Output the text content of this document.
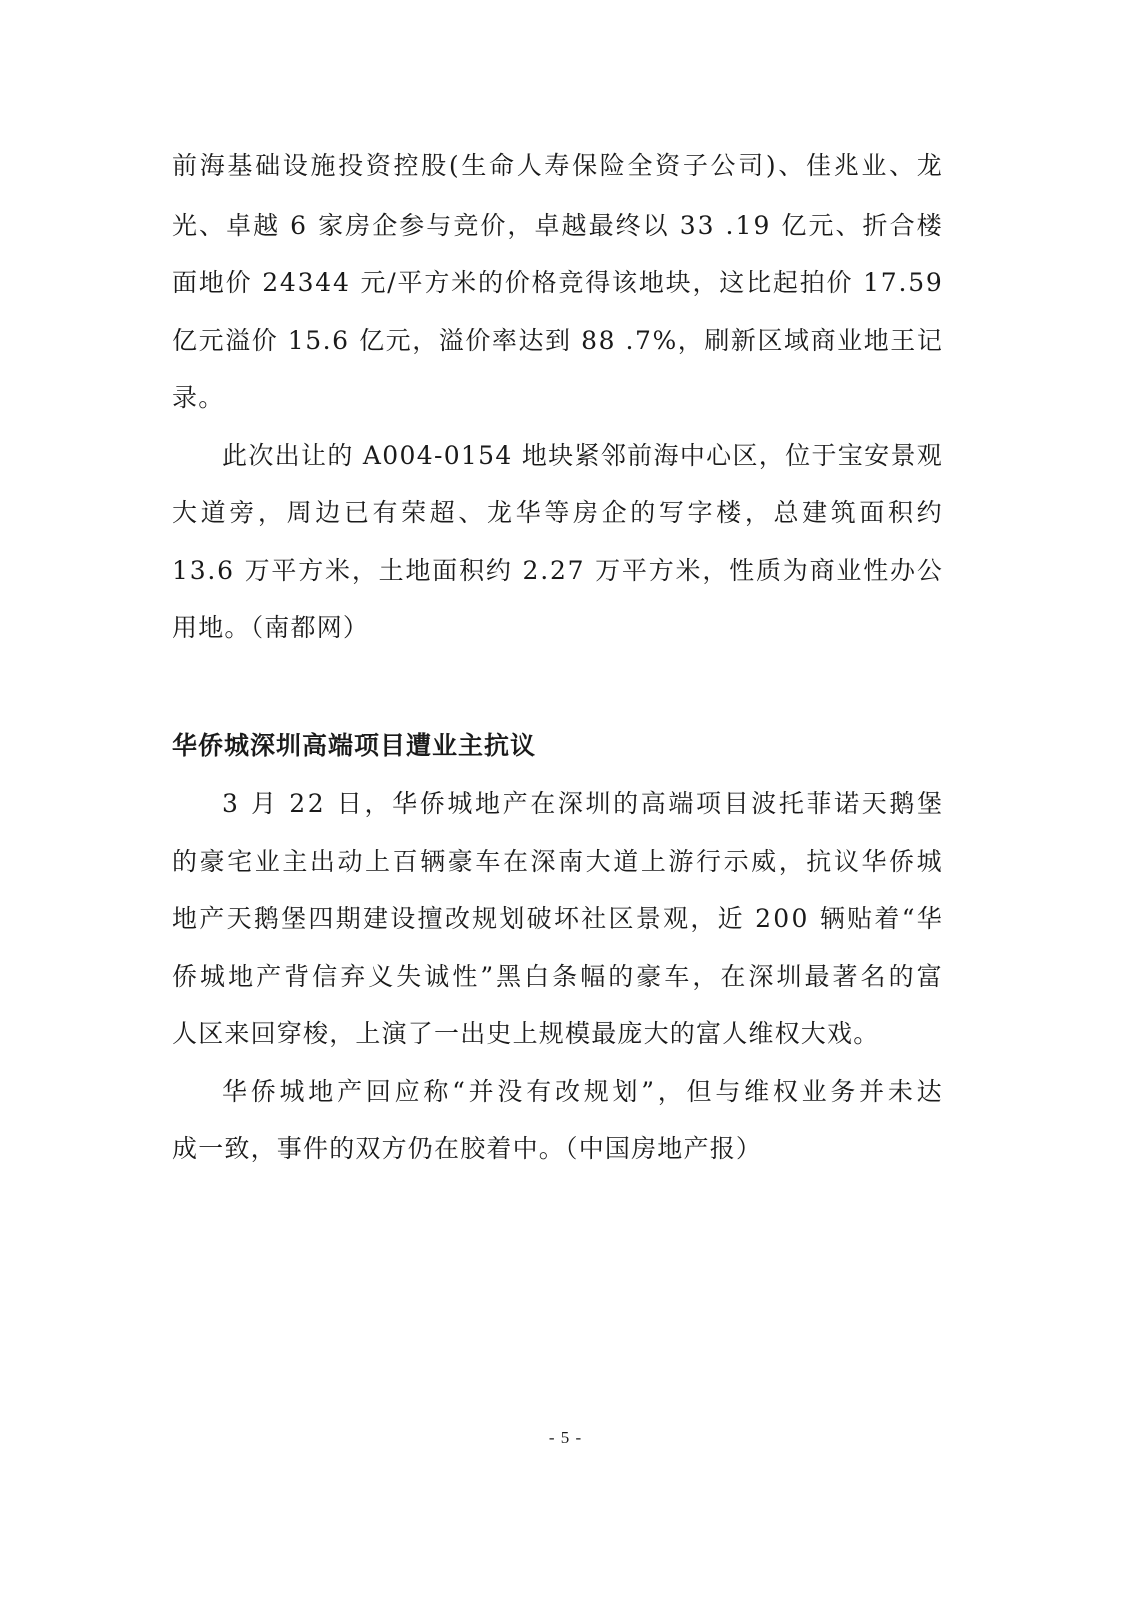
前 海 基 础 设 施 投 资 控 股 ( 生 命 人 寿 保 险 全 资 子 公 司 ) 、 佳 兆 业 、 龙
光 、 卓 越
6
家 房 企 参 与 竞 价 ， 卓 越 最 终 以
3 3
. 1 9
亿 元 、 折 合 楼
面 地 价
2 4 3 4 4
元 / 平 方 米 的 价 格 竞 得 该 地 块 ， 这 比 起 拍 价
1 7 . 5 9
亿 元 溢 价
1 5 . 6
亿 元 ， 溢 价 率 达 到
8 8
. 7 % ， 刷 新 区 域 商 业 地 王 记
录。
此 次 出 让 的
A 0 0 4 - 0 1 5 4
地 块 紧 邻 前 海 中 心 区 ， 位 于 宝 安 景 观
大 道 旁 ， 周 边 已 有 荣 超 、 龙 华 等 房 企 的 写 字 楼 ， 总 建 筑 面 积 约
1 3 . 6
万 平 方 米 ， 土 地 面 积 约
2 . 2 7
万 平 方 米 ， 性 质 为 商 业 性 办 公
用地。（南都网）
华侨城深圳高端项目遭业主抗议
3
月
2 2
日 ， 华 侨 城 地 产 在 深 圳 的 高 端 项 目 波 托 菲 诺 天 鹅 堡
的 豪 宅 业 主 出 动 上 百 辆 豪 车 在 深 南 大 道 上 游 行 示 威 ， 抗 议 华 侨 城
地 产 天 鹅 堡 四 期 建 设 擅 改 规 划 破 坏 社 区 景 观 ， 近
2 0 0
辆 贴 着 “ 华
侨 城 地 产 背 信 弃 义 失 诚 性 ” 黑 白 条 幅 的 豪 车 ， 在 深 圳 最 著 名 的 富
人区来回穿梭，上演了一出史上规模最庞大的富人维权大戏。
华 侨 城 地 产 回 应 称 “ 并 没 有 改 规 划 ” ， 但 与 维 权 业 务 并 未 达
成一致，事件的双方仍在胶着中。（中国房地产报）
- 5 -
